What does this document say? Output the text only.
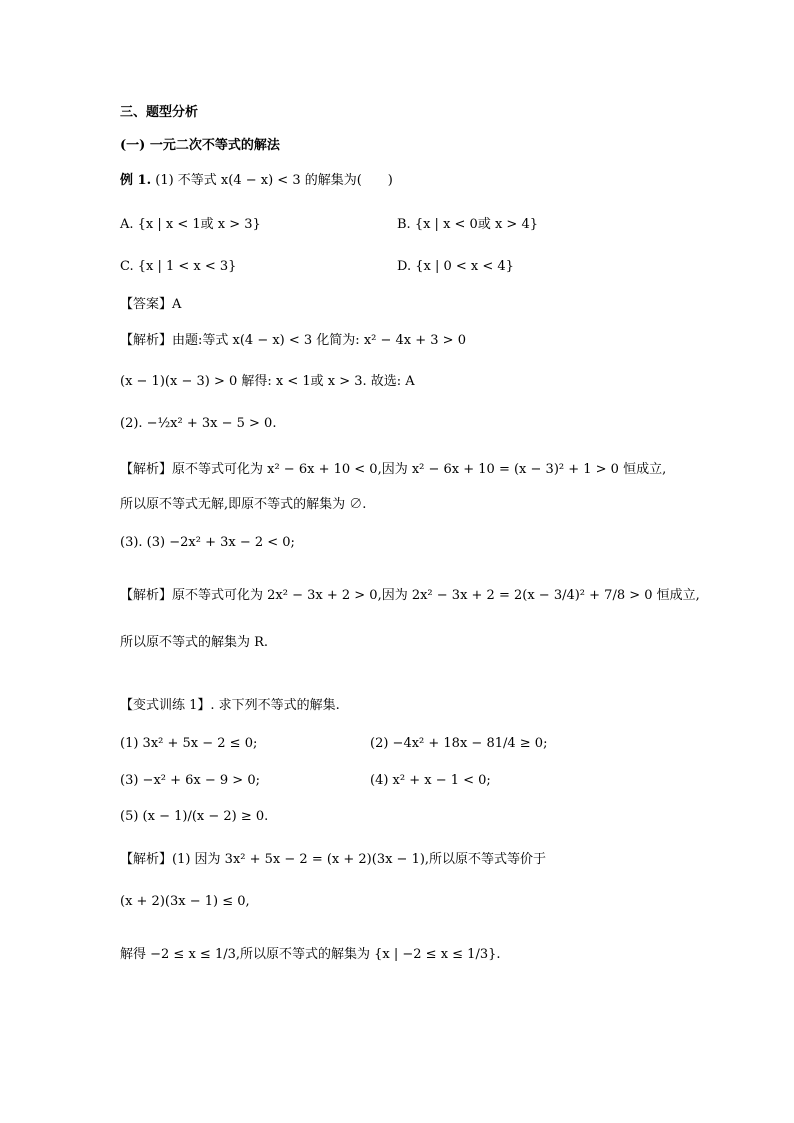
三、题型分析
(一) 一元二次不等式的解法
例 1. (1) 不等式 x(4 − x) < 3 的解集为(　　)
A. {x | x < 1或 x > 3}	B. {x | x < 0或 x > 4}
C. {x | 1 < x < 3}	D. {x | 0 < x < 4}
【答案】A
【解析】由题:等式 x(4 − x) < 3 化简为: x² − 4x + 3 > 0
(x − 1)(x − 3) > 0 解得: x < 1或 x > 3. 故选: A
(2). −½x² + 3x − 5 > 0.
【解析】原不等式可化为 x² − 6x + 10 < 0,因为 x² − 6x + 10 = (x − 3)² + 1 > 0 恒成立,
所以原不等式无解,即原不等式的解集为 ∅.
(3). (3) −2x² + 3x − 2 < 0;
【解析】原不等式可化为 2x² − 3x + 2 > 0,因为 2x² − 3x + 2 = 2(x − 3/4)² + 7/8 > 0 恒成立,
所以原不等式的解集为 R.
【变式训练 1】. 求下列不等式的解集.
(1) 3x² + 5x − 2 ≤ 0;	(2) −4x² + 18x − 81/4 ≥ 0;
(3) −x² + 6x − 9 > 0;	(4) x² + x − 1 < 0;
(5) (x − 1)/(x − 2) ≥ 0.
【解析】(1) 因为 3x² + 5x − 2 = (x + 2)(3x − 1),所以原不等式等价于
(x + 2)(3x − 1) ≤ 0,
解得 −2 ≤ x ≤ 1/3,所以原不等式的解集为 {x | −2 ≤ x ≤ 1/3}.
